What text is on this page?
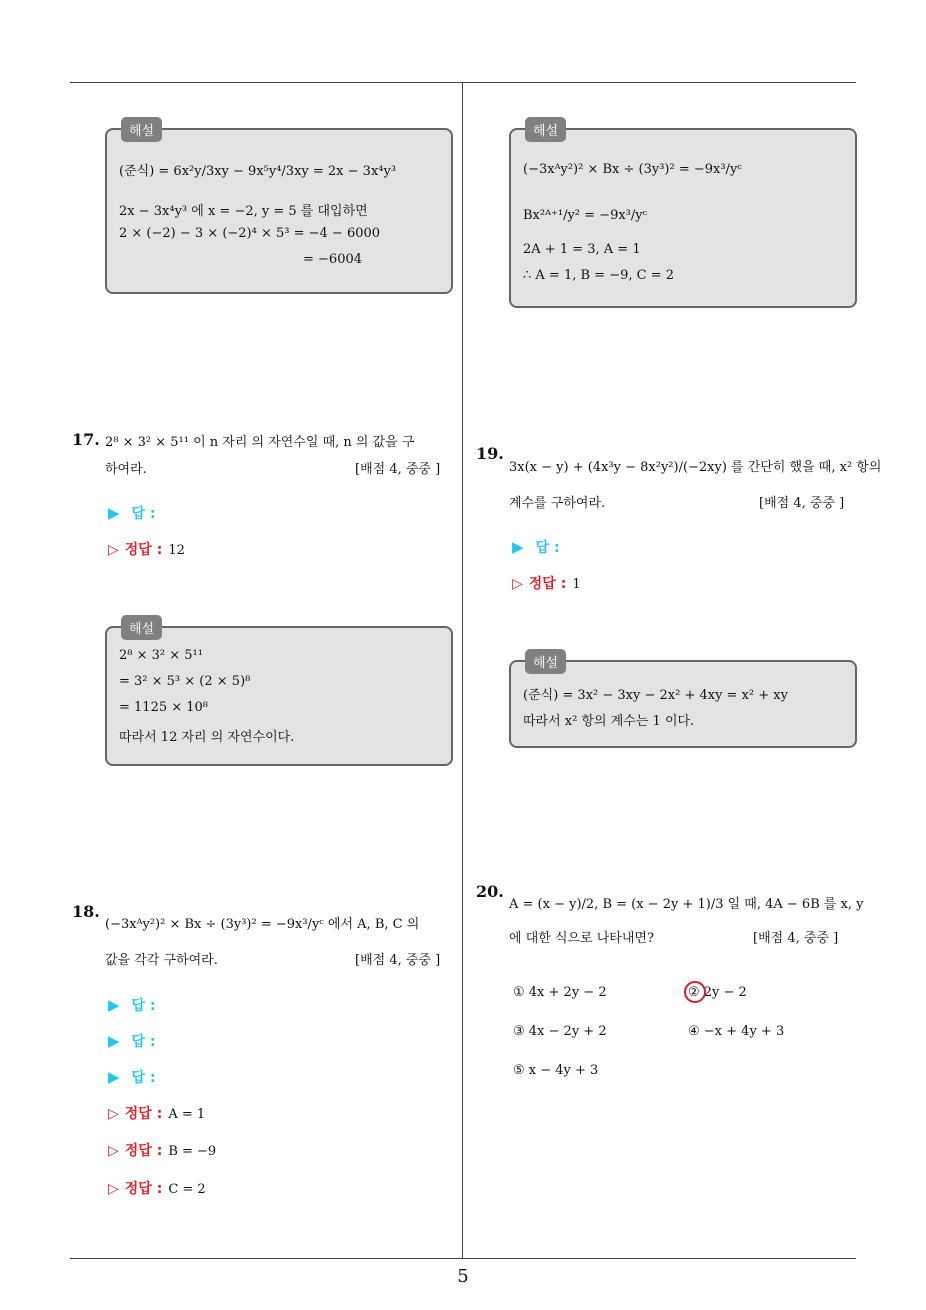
해설
(준식) = 6x²y/3xy − 9x⁵y⁴/3xy = 2x − 3x⁴y³
2x − 3x⁴y³ 에 x = −2, y = 5 를 대입하면
2 × (−2) − 3 × (−2)⁴ × 5³ = −4 − 6000
= −6004
17. 2⁸ × 3² × 5¹¹ 이 n 자리 의 자연수일 때, n 의 값을 구
하여라.	[배점 4, 중중 ]
▶ 답 :
▷ 정답 : 12
해설
2⁸ × 3² × 5¹¹
= 3² × 5³ × (2 × 5)⁸
= 1125 × 10⁸
따라서 12 자리 의 자연수이다.
18.
(−3xᴬy²)² × Bx ÷ (3y³)² = −9x³/yᶜ 에서 A, B, C 의
값을 각각 구하여라.	[배점 4, 중중 ]
▶ 답 :
▶ 답 :
▶ 답 :
▷ 정답 : A = 1
▷ 정답 : B = −9
▷ 정답 : C = 2
해설
(−3xᴬy²)² × Bx ÷ (3y³)² = −9x³/yᶜ
Bx²ᴬ⁺¹/y² = −9x³/yᶜ
2A + 1 = 3, A = 1
∴ A = 1, B = −9, C = 2
19.
3x(x − y) + (4x³y − 8x²y²)/(−2xy) 를 간단히 했을 때, x² 항의
계수를 구하여라.	[배점 4, 중중 ]
▶ 답 :
▷ 정답 : 1
해설
(준식) = 3x² − 3xy − 2x² + 4xy = x² + xy
따라서 x² 항의 계수는 1 이다.
20.
A = (x − y)/2, B = (x − 2y + 1)/3 일 때, 4A − 6B 를 x, y
에 대한 식으로 나타내면?	[배점 4, 중중 ]
① 4x + 2y − 2	② 2y − 2
③ 4x − 2y + 2	④ −x + 4y + 3
⑤ x − 4y + 3
5
